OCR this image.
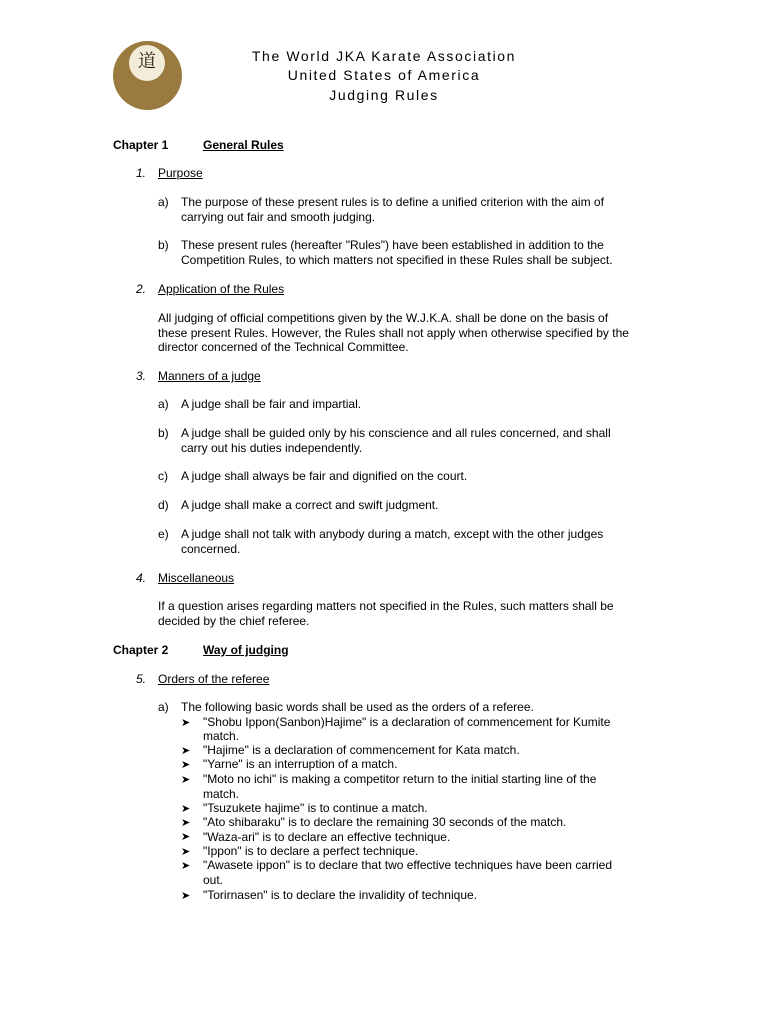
道	The World JKA Karate Association
United States of America
Judging Rules
Chapter 1	General Rules
1. Purpose
a) The purpose of these present rules is to define a unified criterion with the aim of
carrying out fair and smooth judging.
b) These present rules (hereafter "Rules") have been established in addition to the
Competition Rules, to which matters not specified in these Rules shall be subject.
2. Application of the Rules
All judging of official competitions given by the W.J.K.A. shall be done on the basis of
these present Rules. However, the Rules shall not apply when otherwise specified by the
director concerned of the Technical Committee.
3. Manners of a judge
a) A judge shall be fair and impartial.
b) A judge shall be guided only by his conscience and all rules concerned, and shall
carry out his duties independently.
c) A judge shall always be fair and dignified on the court.
d) A judge shall make a correct and swift judgment.
e) A judge shall not talk with anybody during a match, except with the other judges
concerned.
4. Miscellaneous
If a question arises regarding matters not specified in the Rules, such matters shall be
decided by the chief referee.
Chapter 2	Way of judging
5. Orders of the referee
a) The following basic words shall be used as the orders of a referee.
➤ "Shobu Ippon(Sanbon)Hajime" is a declaration of commencement for Kumite
match.
➤ "Hajime" is a declaration of commencement for Kata match.
➤ "Yarne" is an interruption of a match.
➤ "Moto no ichi" is making a competitor return to the initial starting line of the
match.
➤ "Tsuzukete hajime" is to continue a match.
➤ "Ato shibaraku" is to declare the remaining 30 seconds of the match.
➤ "Waza-ari" is to declare an effective technique.
➤ "Ippon" is to declare a perfect technique.
➤ "Awasete ippon" is to declare that two effective techniques have been carried
out.
➤ "Torirnasen" is to declare the invalidity of technique.
